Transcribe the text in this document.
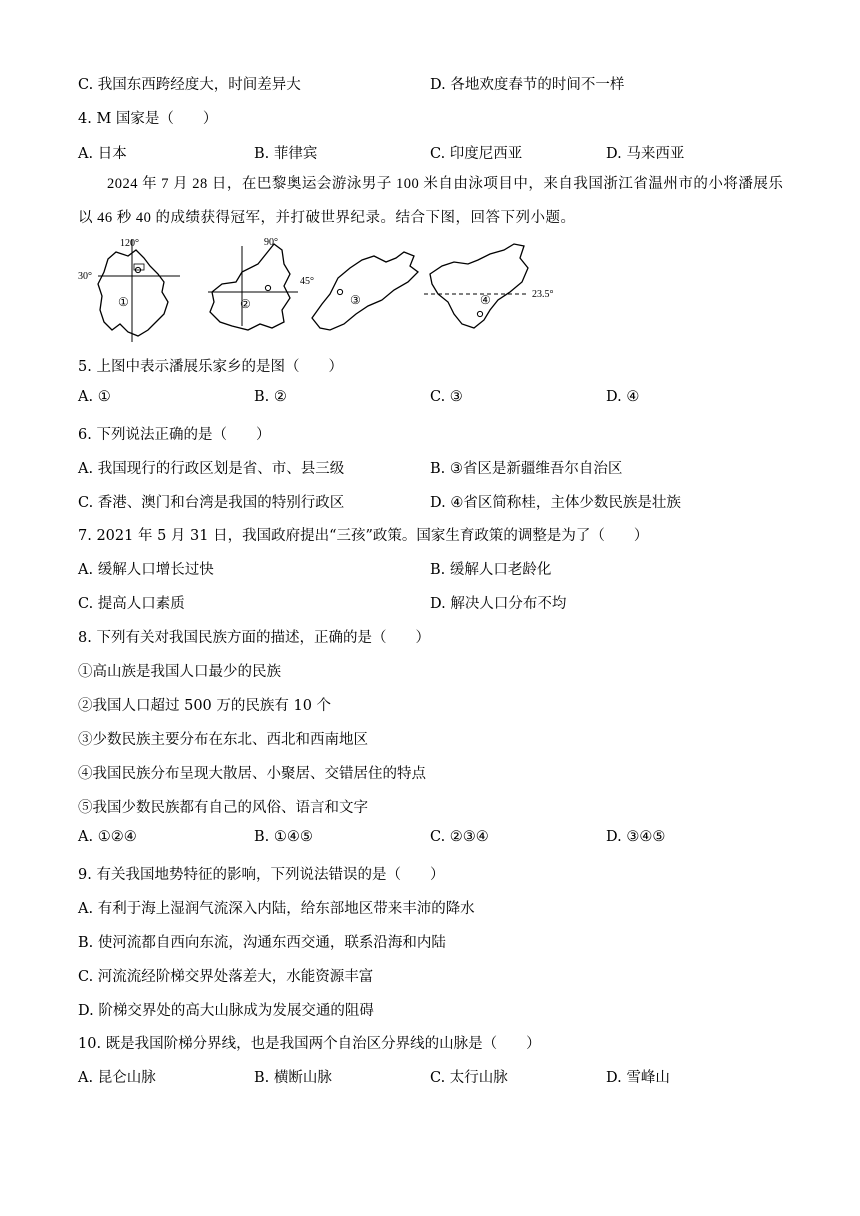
C. 我国东西跨经度大，时间差异大	D. 各地欢度春节的时间不一样
4. M 国家是（　　）
A. 日本	B. 菲律宾	C. 印度尼西亚	D. 马来西亚
2024 年 7 月 28 日，在巴黎奥运会游泳男子 100 米自由泳项目中，来自我国浙江省温州市的小将潘展乐以 46 秒 40 的成绩获得冠军，并打破世界纪录。结合下图，回答下列小题。
120°
30°
①
90°
45°
②	③	④	23.5°
5. 上图中表示潘展乐家乡的是图（　　）
A. ①	B. ②	C. ③	D. ④
6. 下列说法正确的是（　　）
A. 我国现行的行政区划是省、市、县三级	B. ③省区是新疆维吾尔自治区
C. 香港、澳门和台湾是我国的特别行政区	D. ④省区简称桂，主体少数民族是壮族
7. 2021 年 5 月 31 日，我国政府提出“三孩”政策。国家生育政策的调整是为了（　　）
A. 缓解人口增长过快	B. 缓解人口老龄化
C. 提高人口素质	D. 解决人口分布不均
8. 下列有关对我国民族方面的描述，正确的是（　　）
①高山族是我国人口最少的民族
②我国人口超过 500 万的民族有 10 个
③少数民族主要分布在东北、西北和西南地区
④我国民族分布呈现大散居、小聚居、交错居住的特点
⑤我国少数民族都有自己的风俗、语言和文字
A. ①②④	B. ①④⑤	C. ②③④	D. ③④⑤
9. 有关我国地势特征的影响，下列说法错误的是（　　）
A. 有利于海上湿润气流深入内陆，给东部地区带来丰沛的降水
B. 使河流都自西向东流，沟通东西交通，联系沿海和内陆
C. 河流流经阶梯交界处落差大，水能资源丰富
D. 阶梯交界处的高大山脉成为发展交通的阻碍
10. 既是我国阶梯分界线，也是我国两个自治区分界线的山脉是（　　）
A. 昆仑山脉	B. 横断山脉	C. 太行山脉	D. 雪峰山
